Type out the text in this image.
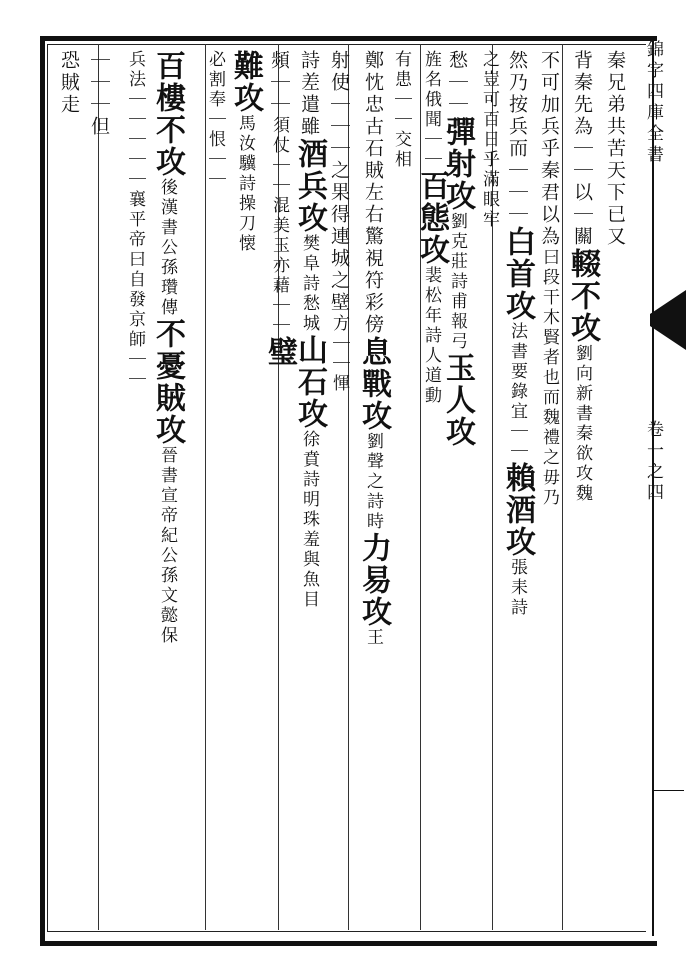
錦字四庫全書
卷一之四
秦兄弟共苦天下已又
背秦先為｜｜以｜關輟不攻劉向新書秦欲攻魏
不可加兵乎秦君以為曰段干木賢者也而魏禮之毋乃
然乃按兵而｜｜｜白首攻法書要錄宜｜｜賴酒攻張耒詩
之豈可百日乎滿眼牢
愁｜｜彈射攻劉克莊詩甫報弓玉人攻
旌名俄聞｜｜百態攻裴松年詩人道動
有患｜｜交相
鄭忱忠古石賊左右驚視符彩傍息戰攻劉聲之詩時力易攻王
射使｜｜｜之果得連城之壁方｜｜惲
詩差遣雖酒兵攻樊阜詩愁城山石攻徐賁詩明珠羞與魚目
頻｜｜須仗｜｜混美玉亦藉｜｜璧
難攻馬汝驥詩操刀懐
必割奉｜恨｜｜
百樓不攻後漢書公孫瓚傳不憂賊攻晉書宣帝紀公孫文懿保
兵法｜｜｜｜｜襄平帝曰自發京師｜｜
｜｜｜但
恐賊走
